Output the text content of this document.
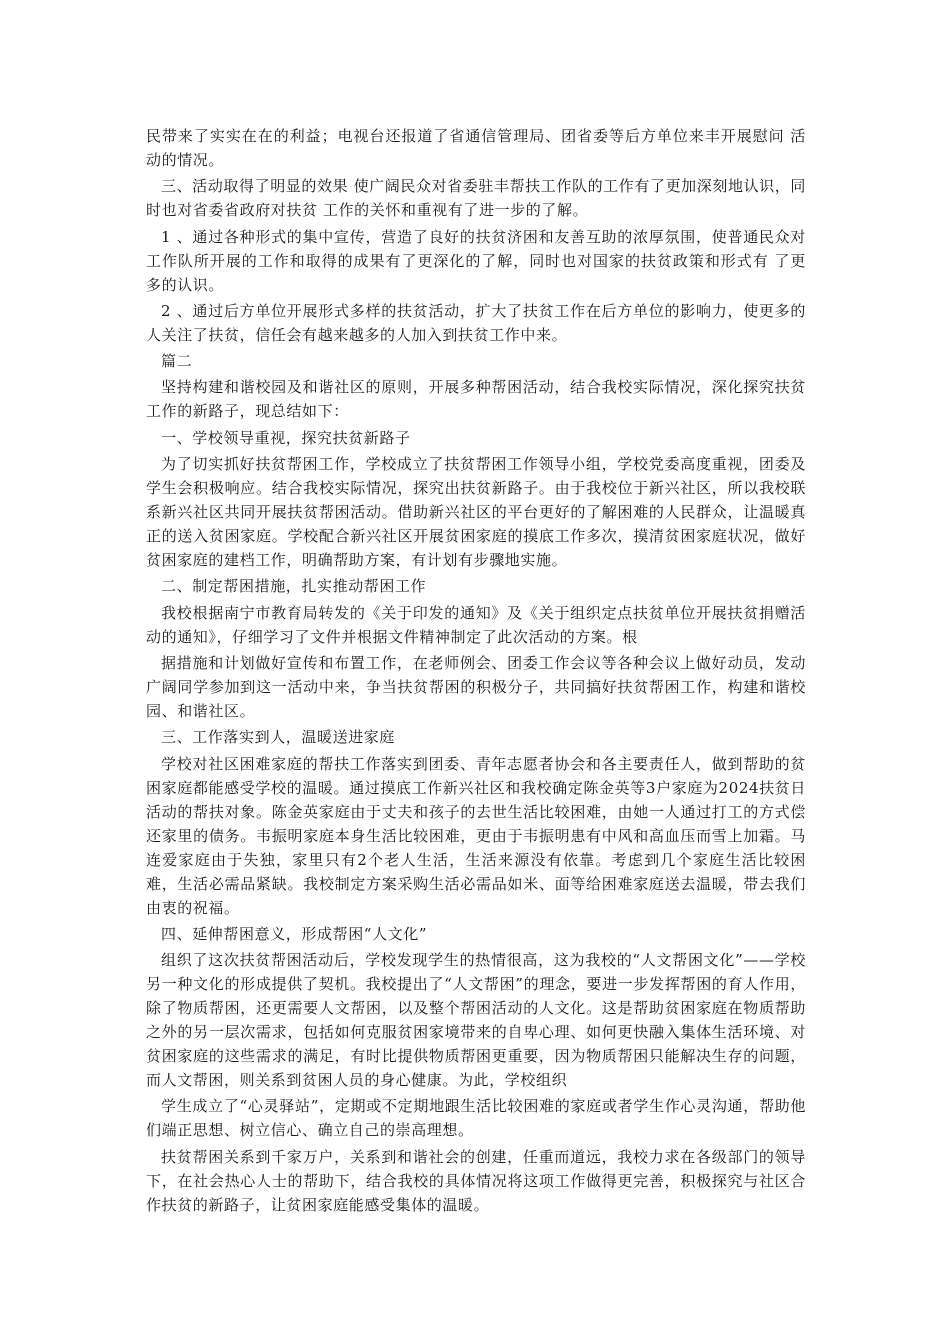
民带来了实实在在的利益；电视台还报道了省通信管理局、团省委等后方单位来丰开展慰问 活动的情况。

三、活动取得了明显的效果 使广阔民众对省委驻丰帮扶工作队的工作有了更加深刻地认识，同时也对省委省政府对扶贫 工作的关怀和重视有了进一步的了解。

1 、通过各种形式的集中宣传，营造了良好的扶贫济困和友善互助的浓厚氛围，使普通民众对工作队所开展的工作和取得的成果有了更深化的了解，同时也对国家的扶贫政策和形式有 了更多的认识。

2 、通过后方单位开展形式多样的扶贫活动，扩大了扶贫工作在后方单位的影响力，使更多的人关注了扶贫，信任会有越来越多的人加入到扶贫工作中来。

篇二

坚持构建和谐校园及和谐社区的原则，开展多种帮困活动，结合我校实际情况，深化探究扶贫工作的新路子，现总结如下：

一、学校领导重视，探究扶贫新路子

为了切实抓好扶贫帮困工作，学校成立了扶贫帮困工作领导小组，学校党委高度重视，团委及学生会积极响应。结合我校实际情况，探究出扶贫新路子。由于我校位于新兴社区，所以我校联系新兴社区共同开展扶贫帮困活动。借助新兴社区的平台更好的了解困难的人民群众，让温暖真正的送入贫困家庭。学校配合新兴社区开展贫困家庭的摸底工作多次，摸清贫困家庭状况，做好贫困家庭的建档工作，明确帮助方案，有计划有步骤地实施。

二、制定帮困措施，扎实推动帮困工作

我校根据南宁市教育局转发的《关于印发的通知》及《关于组织定点扶贫单位开展扶贫捐赠活动的通知》，仔细学习了文件并根据文件精神制定了此次活动的方案。根

据措施和计划做好宣传和布置工作，在老师例会、团委工作会议等各种会议上做好动员，发动广阔同学参加到这一活动中来，争当扶贫帮困的积极分子，共同搞好扶贫帮困工作，构建和谐校园、和谐社区。

三、工作落实到人，温暖送进家庭

学校对社区困难家庭的帮扶工作落实到团委、青年志愿者协会和各主要责任人，做到帮助的贫困家庭都能感受学校的温暖。通过摸底工作新兴社区和我校确定陈金英等3户家庭为2024扶贫日活动的帮扶对象。陈金英家庭由于丈夫和孩子的去世生活比较困难，由她一人通过打工的方式偿还家里的债务。韦振明家庭本身生活比较困难，更由于韦振明患有中风和高血压而雪上加霜。马连爱家庭由于失独，家里只有2个老人生活，生活来源没有依靠。考虑到几个家庭生活比较困难，生活必需品紧缺。我校制定方案采购生活必需品如米、面等给困难家庭送去温暖，带去我们由衷的祝福。

四、延伸帮困意义，形成帮困“人文化”

组织了这次扶贫帮困活动后，学校发现学生的热情很高，这为我校的“人文帮困文化”——学校另一种文化的形成提供了契机。我校提出了“人文帮困”的理念，要进一步发挥帮困的育人作用，除了物质帮困，还更需要人文帮困，以及整个帮困活动的人文化。这是帮助贫困家庭在物质帮助之外的另一层次需求，包括如何克服贫困家境带来的自卑心理、如何更快融入集体生活环境、对贫困家庭的这些需求的满足，有时比提供物质帮困更重要，因为物质帮困只能解决生存的问题，而人文帮困，则关系到贫困人员的身心健康。为此，学校组织

学生成立了“心灵驿站”，定期或不定期地跟生活比较困难的家庭或者学生作心灵沟通，帮助他们端正思想、树立信心、确立自己的崇高理想。

扶贫帮困关系到千家万户，关系到和谐社会的创建，任重而道远，我校力求在各级部门的领导下，在社会热心人士的帮助下，结合我校的具体情况将这项工作做得更完善，积极探究与社区合作扶贫的新路子，让贫困家庭能感受集体的温暖。
